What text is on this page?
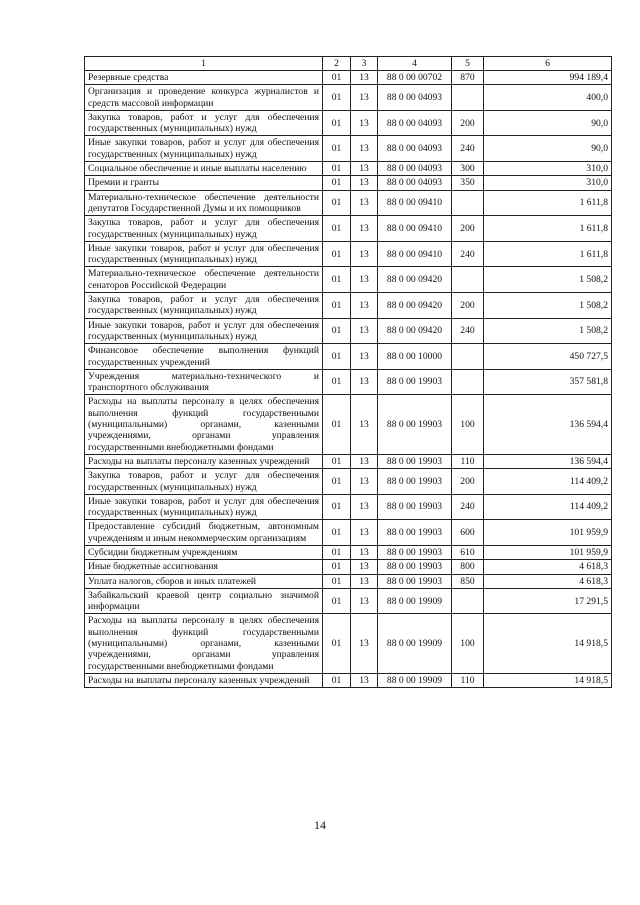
1	2	3	4	5	6
Резервные средства	01	13	88 0 00 00702	870	994 189,4
Организация и проведение конкурса журналистов и средств массовой информации	01	13	88 0 00 04093		400,0
Закупка товаров, работ и услуг для обеспечения государственных (муниципальных) нужд	01	13	88 0 00 04093	200	90,0
Иные закупки товаров, работ и услуг для обеспечения государственных (муниципальных) нужд	01	13	88 0 00 04093	240	90,0
Социальное обеспечение и иные выплаты населению	01	13	88 0 00 04093	300	310,0
Премии и гранты	01	13	88 0 00 04093	350	310,0
Материально-техническое обеспечение деятельности депутатов Государственной Думы и их помощников	01	13	88 0 00 09410		1 611,8
Закупка товаров, работ и услуг для обеспечения государственных (муниципальных) нужд	01	13	88 0 00 09410	200	1 611,8
Иные закупки товаров, работ и услуг для обеспечения государственных (муниципальных) нужд	01	13	88 0 00 09410	240	1 611,8
Материально-техническое обеспечение деятельности сенаторов Российской Федерации	01	13	88 0 00 09420		1 508,2
Закупка товаров, работ и услуг для обеспечения государственных (муниципальных) нужд	01	13	88 0 00 09420	200	1 508,2
Иные закупки товаров, работ и услуг для обеспечения государственных (муниципальных) нужд	01	13	88 0 00 09420	240	1 508,2
Финансовое обеспечение выполнения функций государственных учреждений	01	13	88 0 00 10000		450 727,5
Учреждения материально-технического и транспортного обслуживания	01	13	88 0 00 19903		357 581,8
Расходы на выплаты персоналу в целях обеспечения выполнения функций государственными (муниципальными) органами, казенными учреждениями, органами управления государственными внебюджетными фондами	01	13	88 0 00 19903	100	136 594,4
Расходы на выплаты персоналу казенных учреждений	01	13	88 0 00 19903	110	136 594,4
Закупка товаров, работ и услуг для обеспечения государственных (муниципальных) нужд	01	13	88 0 00 19903	200	114 409,2
Иные закупки товаров, работ и услуг для обеспечения государственных (муниципальных) нужд	01	13	88 0 00 19903	240	114 409,2
Предоставление субсидий бюджетным, автономным учреждениям и иным некоммерческим организациям	01	13	88 0 00 19903	600	101 959,9
Субсидии бюджетным учреждениям	01	13	88 0 00 19903	610	101 959,9
Иные бюджетные ассигнования	01	13	88 0 00 19903	800	4 618,3
Уплата налогов, сборов и иных платежей	01	13	88 0 00 19903	850	4 618,3
Забайкальский краевой центр социально значимой информации	01	13	88 0 00 19909		17 291,5
Расходы на выплаты персоналу в целях обеспечения выполнения функций государственными (муниципальными) органами, казенными учреждениями, органами управления государственными внебюджетными фондами	01	13	88 0 00 19909	100	14 918,5
Расходы на выплаты персоналу казенных учреждений	01	13	88 0 00 19909	110	14 918,5
14
